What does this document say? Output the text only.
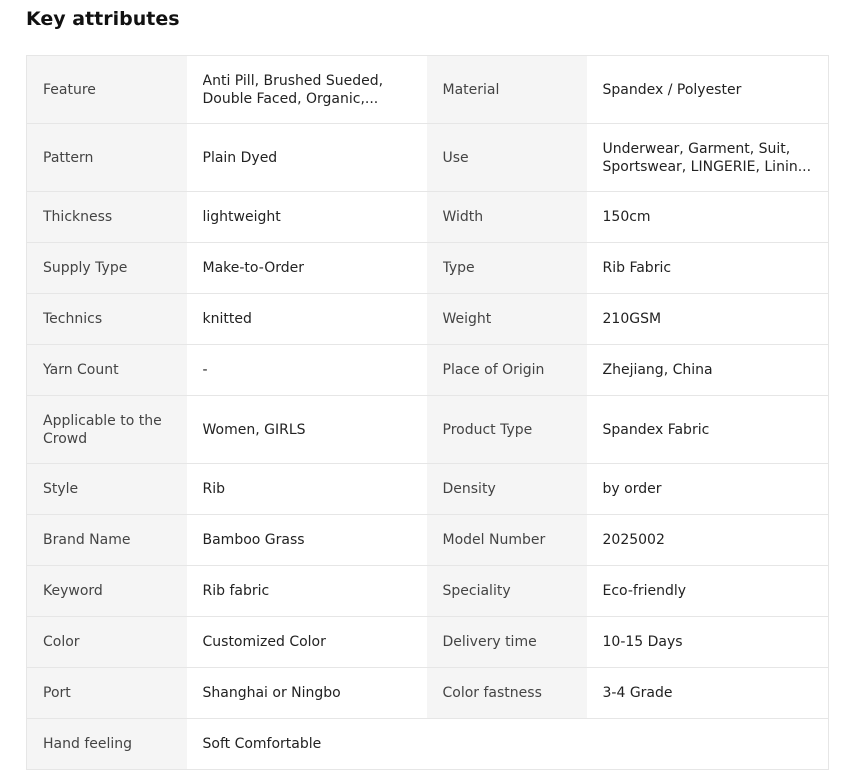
Key attributes
Feature	Anti Pill, Brushed Sueded, Double Faced, Organic,...	Material	Spandex / Polyester

Pattern	Plain Dyed	Use	Underwear, Garment, Suit, Sportswear, LINGERIE, Linin...

Thickness	lightweight	Width	150cm

Supply Type	Make-to-Order	Type	Rib Fabric

Technics	knitted	Weight	210GSM

Yarn Count	-	Place of Origin	Zhejiang, China

Applicable to the Crowd	Women, GIRLS	Product Type	Spandex Fabric

Style	Rib	Density	by order

Brand Name	Bamboo Grass	Model Number	2025002

Keyword	Rib fabric	Speciality	Eco-friendly

Color	Customized Color	Delivery time	10-15 Days

Port	Shanghai or Ningbo	Color fastness	3-4 Grade

Hand feeling	Soft Comfortable		
